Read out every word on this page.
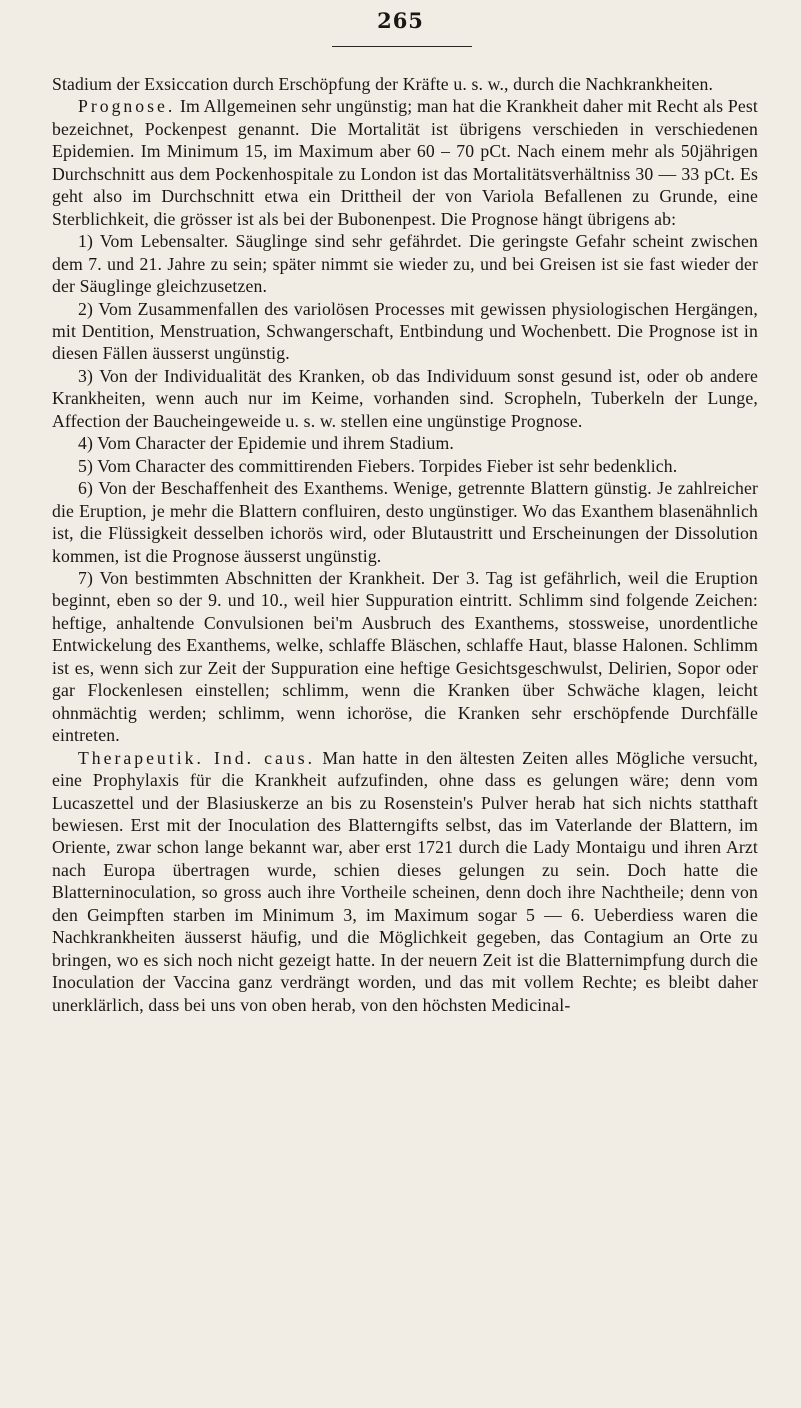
265

Stadium der Exsiccation durch Erschöpfung der Kräfte u. s. w., durch die Nachkrankheiten.

Prognose. Im Allgemeinen sehr ungünstig; man hat die Krankheit daher mit Recht als Pest bezeichnet, Pockenpest genannt. Die Mortalität ist übrigens verschieden in verschiedenen Epidemien. Im Minimum 15, im Maximum aber 60 – 70 pCt. Nach einem mehr als 50jährigen Durchschnitt aus dem Pockenhospitale zu London ist das Mortalitätsverhältniss 30 — 33 pCt. Es geht also im Durchschnitt etwa ein Drittheil der von Variola Befallenen zu Grunde, eine Sterblichkeit, die grösser ist als bei der Bubonenpest. Die Prognose hängt übrigens ab:

1) Vom Lebensalter. Säuglinge sind sehr gefährdet. Die geringste Gefahr scheint zwischen dem 7. und 21. Jahre zu sein; später nimmt sie wieder zu, und bei Greisen ist sie fast wieder der der Säuglinge gleichzusetzen.

2) Vom Zusammenfallen des variolösen Processes mit gewissen physiologischen Hergängen, mit Dentition, Menstruation, Schwangerschaft, Entbindung und Wochenbett. Die Prognose ist in diesen Fällen äusserst ungünstig.

3) Von der Individualität des Kranken, ob das Individuum sonst gesund ist, oder ob andere Krankheiten, wenn auch nur im Keime, vorhanden sind. Scropheln, Tuberkeln der Lunge, Affection der Baucheingeweide u. s. w. stellen eine ungünstige Prognose.

4) Vom Character der Epidemie und ihrem Stadium.

5) Vom Character des committirenden Fiebers. Torpides Fieber ist sehr bedenklich.

6) Von der Beschaffenheit des Exanthems. Wenige, getrennte Blattern günstig. Je zahlreicher die Eruption, je mehr die Blattern confluiren, desto ungünstiger. Wo das Exanthem blasenähnlich ist, die Flüssigkeit desselben ichorös wird, oder Blutaustritt und Erscheinungen der Dissolution kommen, ist die Prognose äusserst ungünstig.

7) Von bestimmten Abschnitten der Krankheit. Der 3. Tag ist gefährlich, weil die Eruption beginnt, eben so der 9. und 10., weil hier Suppuration eintritt. Schlimm sind folgende Zeichen: heftige, anhaltende Convulsionen bei'm Ausbruch des Exanthems, stossweise, unordentliche Entwickelung des Exanthems, welke, schlaffe Bläschen, schlaffe Haut, blasse Halonen. Schlimm ist es, wenn sich zur Zeit der Suppuration eine heftige Gesichtsgeschwulst, Delirien, Sopor oder gar Flockenlesen einstellen; schlimm, wenn die Kranken über Schwäche klagen, leicht ohnmächtig werden; schlimm, wenn ichoröse, die Kranken sehr erschöpfende Durchfälle eintreten.

Therapeutik. Ind. caus. Man hatte in den ältesten Zeiten alles Mögliche versucht, eine Prophylaxis für die Krankheit aufzufinden, ohne dass es gelungen wäre; denn vom Lucaszettel und der Blasiuskerze an bis zu Rosenstein's Pulver herab hat sich nichts statthaft bewiesen. Erst mit der Inoculation des Blatterngifts selbst, das im Vaterlande der Blattern, im Oriente, zwar schon lange bekannt war, aber erst 1721 durch die Lady Montaigu und ihren Arzt nach Europa übertragen wurde, schien dieses gelungen zu sein. Doch hatte die Blatterninoculation, so gross auch ihre Vortheile scheinen, denn doch ihre Nachtheile; denn von den Geimpften starben im Minimum 3, im Maximum sogar 5 — 6. Ueberdiess waren die Nachkrankheiten äusserst häufig, und die Möglichkeit gegeben, das Contagium an Orte zu bringen, wo es sich noch nicht gezeigt hatte. In der neuern Zeit ist die Blatternimpfung durch die Inoculation der Vaccina ganz verdrängt worden, und das mit vollem Rechte; es bleibt daher unerklärlich, dass bei uns von oben herab, von den höchsten Medicinal-
